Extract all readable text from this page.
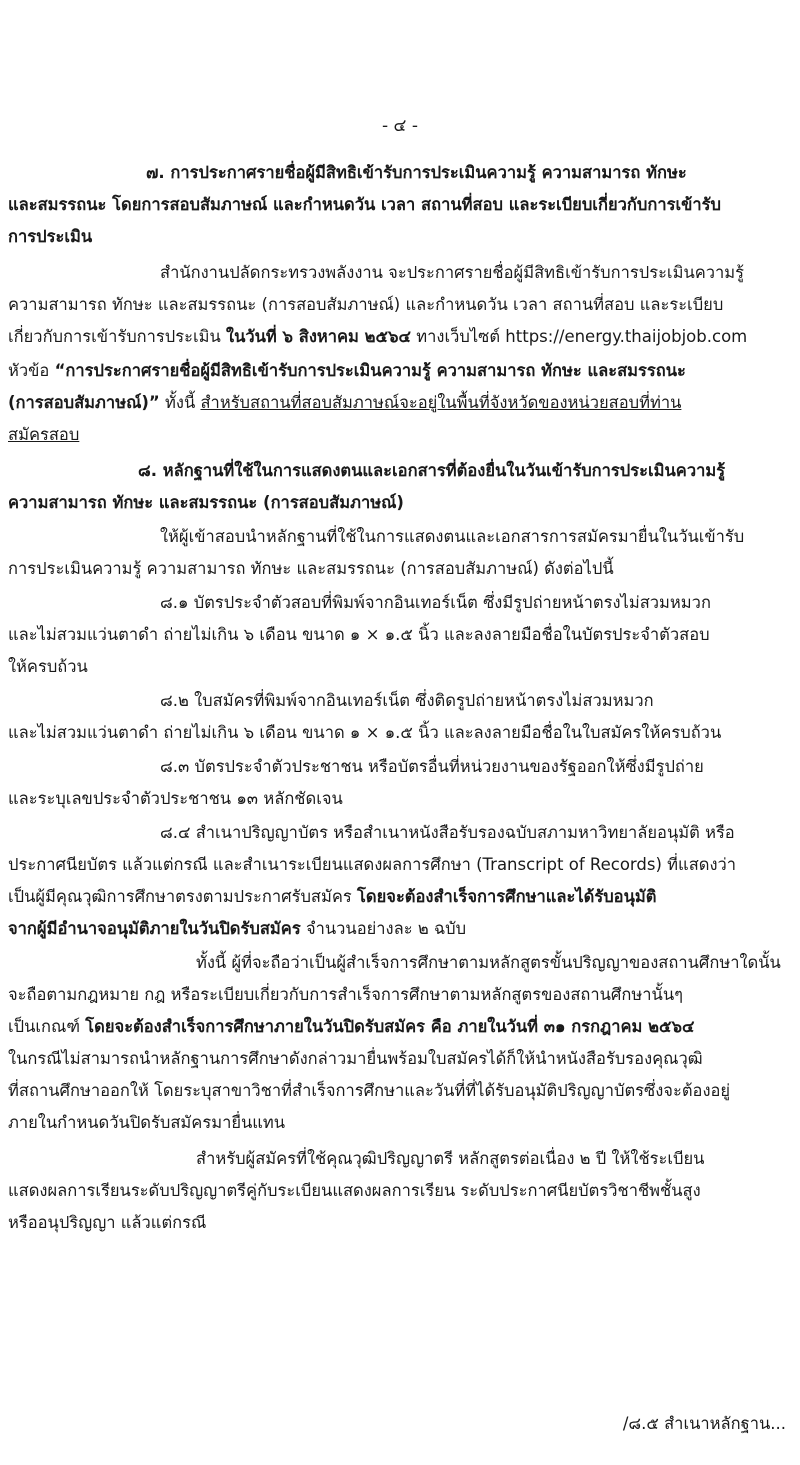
- ๔ -
๗. การประกาศรายชื่อผู้มีสิทธิเข้ารับการประเมินความรู้ ความสามารถ ทักษะ
และสมรรถนะ โดยการสอบสัมภาษณ์ และกำหนดวัน เวลา สถานที่สอบ และระเบียบเกี่ยวกับการเข้ารับ
การประเมิน
สำนักงานปลัดกระทรวงพลังงาน จะประกาศรายชื่อผู้มีสิทธิเข้ารับการประเมินความรู้
ความสามารถ ทักษะ และสมรรถนะ (การสอบสัมภาษณ์) และกำหนดวัน เวลา สถานที่สอบ และระเบียบ
เกี่ยวกับการเข้ารับการประเมิน ในวันที่ ๖ สิงหาคม ๒๕๖๔ ทางเว็บไซต์ https://energy.thaijobjob.com
หัวข้อ “การประกาศรายชื่อผู้มีสิทธิเข้ารับการประเมินความรู้ ความสามารถ ทักษะ และสมรรถนะ
(การสอบสัมภาษณ์)” ทั้งนี้ สำหรับสถานที่สอบสัมภาษณ์จะอยู่ในพื้นที่จังหวัดของหน่วยสอบที่ท่าน
สมัครสอบ
๘. หลักฐานที่ใช้ในการแสดงตนและเอกสารที่ต้องยื่นในวันเข้ารับการประเมินความรู้
ความสามารถ ทักษะ และสมรรถนะ (การสอบสัมภาษณ์)
ให้ผู้เข้าสอบนำหลักฐานที่ใช้ในการแสดงตนและเอกสารการสมัครมายื่นในวันเข้ารับ
การประเมินความรู้ ความสามารถ ทักษะ และสมรรถนะ (การสอบสัมภาษณ์) ดังต่อไปนี้
๘.๑ บัตรประจำตัวสอบที่พิมพ์จากอินเทอร์เน็ต ซึ่งมีรูปถ่ายหน้าตรงไม่สวมหมวก
และไม่สวมแว่นตาดำ ถ่ายไม่เกิน ๖ เดือน ขนาด ๑ × ๑.๕ นิ้ว และลงลายมือชื่อในบัตรประจำตัวสอบ
ให้ครบถ้วน
๘.๒ ใบสมัครที่พิมพ์จากอินเทอร์เน็ต ซึ่งติดรูปถ่ายหน้าตรงไม่สวมหมวก
และไม่สวมแว่นตาดำ ถ่ายไม่เกิน ๖ เดือน ขนาด ๑ × ๑.๕ นิ้ว และลงลายมือชื่อในใบสมัครให้ครบถ้วน
๘.๓ บัตรประจำตัวประชาชน หรือบัตรอื่นที่หน่วยงานของรัฐออกให้ซึ่งมีรูปถ่าย
และระบุเลขประจำตัวประชาชน ๑๓ หลักชัดเจน
๘.๔ สำเนาปริญญาบัตร หรือสำเนาหนังสือรับรองฉบับสภามหาวิทยาลัยอนุมัติ หรือ
ประกาศนียบัตร แล้วแต่กรณี และสำเนาระเบียนแสดงผลการศึกษา (Transcript of Records) ที่แสดงว่า
เป็นผู้มีคุณวุฒิการศึกษาตรงตามประกาศรับสมัคร โดยจะต้องสำเร็จการศึกษาและได้รับอนุมัติ
จากผู้มีอำนาจอนุมัติภายในวันปิดรับสมัคร จำนวนอย่างละ ๒ ฉบับ
ทั้งนี้ ผู้ที่จะถือว่าเป็นผู้สำเร็จการศึกษาตามหลักสูตรขั้นปริญญาของสถานศึกษาใดนั้น
จะถือตามกฎหมาย กฎ หรือระเบียบเกี่ยวกับการสำเร็จการศึกษาตามหลักสูตรของสถานศึกษานั้นๆ
เป็นเกณฑ์ โดยจะต้องสำเร็จการศึกษาภายในวันปิดรับสมัคร คือ ภายในวันที่ ๓๑ กรกฎาคม ๒๕๖๔
ในกรณีไม่สามารถนำหลักฐานการศึกษาดังกล่าวมายื่นพร้อมใบสมัครได้ก็ให้นำหนังสือรับรองคุณวุฒิ
ที่สถานศึกษาออกให้ โดยระบุสาขาวิชาที่สำเร็จการศึกษาและวันที่ที่ได้รับอนุมัติปริญญาบัตรซึ่งจะต้องอยู่
ภายในกำหนดวันปิดรับสมัครมายื่นแทน
สำหรับผู้สมัครที่ใช้คุณวุฒิปริญญาตรี หลักสูตรต่อเนื่อง ๒ ปี ให้ใช้ระเบียน
แสดงผลการเรียนระดับปริญญาตรีคู่กับระเบียนแสดงผลการเรียน ระดับประกาศนียบัตรวิชาชีพชั้นสูง
หรืออนุปริญญา แล้วแต่กรณี
/๘.๕ สำเนาหลักฐาน...
